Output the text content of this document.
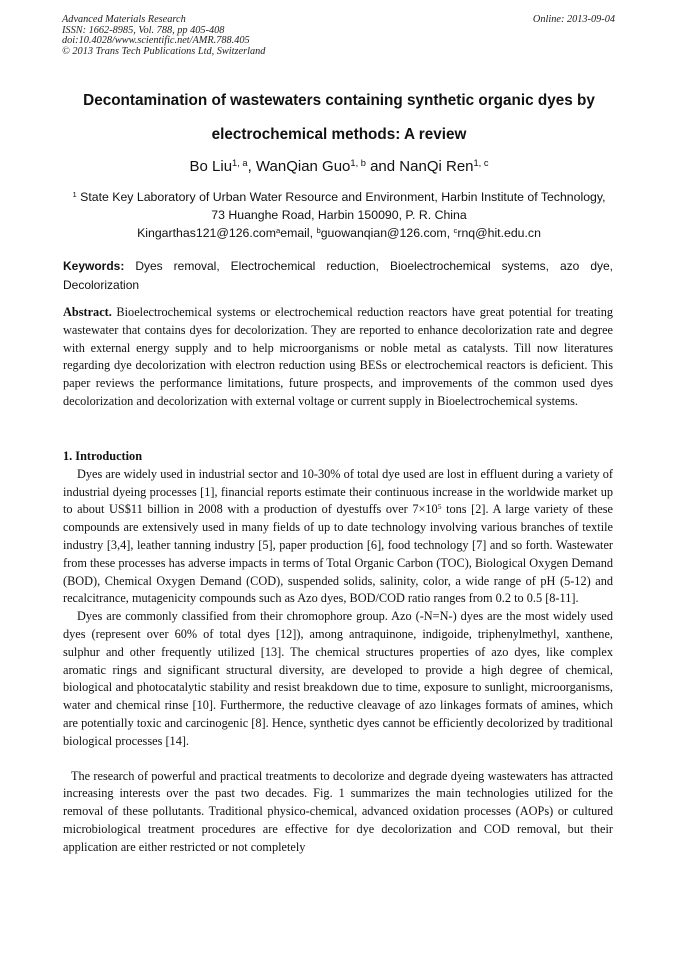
Advanced Materials Research
ISSN: 1662-8985, Vol. 788, pp 405-408
doi:10.4028/www.scientific.net/AMR.788.405
© 2013 Trans Tech Publications Ltd, Switzerland
Online: 2013-09-04
Decontamination of wastewaters containing synthetic organic dyes by
electrochemical methods: A review
Bo Liu$^{1, a}$, WanQian Guo$^{1, b}$ and NanQi Ren$^{1, c}$
$^1$ State Key Laboratory of Urban Water Resource and Environment, Harbin Institute of Technology,
73 Huanghe Road, Harbin 150090, P. R. China
Kingarthas121@126.com$^a$email, $^b$guowanqian@126.com, $^c$rnq@hit.edu.cn
Keywords: Dyes removal, Electrochemical reduction, Bioelectrochemical systems, azo dye, Decolorization

Abstract. Bioelectrochemical systems or electrochemical reduction reactors have great potential for treating wastewater that contains dyes for decolorization. They are reported to enhance decolorization rate and degree with external energy supply and to help microorganisms or noble metal as catalysts. Till now literatures regarding dye decolorization with electron reduction using BESs or electrochemical reactors is deficient. This paper reviews the performance limitations, future prospects, and improvements of the common used dyes decolorization and decolorization with external voltage or current supply in Bioelectrochemical systems.

1. Introduction

Dyes are widely used in industrial sector and 10-30% of total dye used are lost in effluent during a variety of industrial dyeing processes [1], financial reports estimate their continuous increase in the worldwide market up to about US$11 billion in 2008 with a production of dyestuffs over $7\times 10^5$ tons [2]. A large variety of these compounds are extensively used in many fields of up to date technology involving various branches of textile industry [3,4], leather tanning industry [5], paper production [6], food technology [7] and so forth. Wastewater from these processes has adverse impacts in terms of Total Organic Carbon (TOC), Biological Oxygen Demand (BOD), Chemical Oxygen Demand (COD), suspended solids, salinity, color, a wide range of pH (5-12) and recalcitrance, mutagenicity compounds such as Azo dyes, BOD/COD ratio ranges from 0.2 to 0.5 [8-11].

Dyes are commonly classified from their chromophore group. Azo (-N=N-) dyes are the most widely used dyes (represent over 60% of total dyes [12]), among antraquinone, indigoide, triphenylmethyl, xanthene, sulphur and other frequently utilized [13]. The chemical structures properties of azo dyes, like complex aromatic rings and significant structural diversity, are developed to provide a high degree of chemical, biological and photocatalytic stability and resist breakdown due to time, exposure to sunlight, microorganisms, water and chemical rinse [10]. Furthermore, the reductive cleavage of azo linkages formats of amines, which are potentially toxic and carcinogenic [8]. Hence, synthetic dyes cannot be efficiently decolorized by traditional biological processes [14].

The research of powerful and practical treatments to decolorize and degrade dyeing wastewaters has attracted increasing interests over the past two decades. Fig. 1 summarizes the main technologies utilized for the removal of these pollutants. Traditional physico-chemical, advanced oxidation processes (AOPs) or cultured microbiological treatment procedures are effective for dye decolorization and COD removal, but their application are either restricted or not completely
